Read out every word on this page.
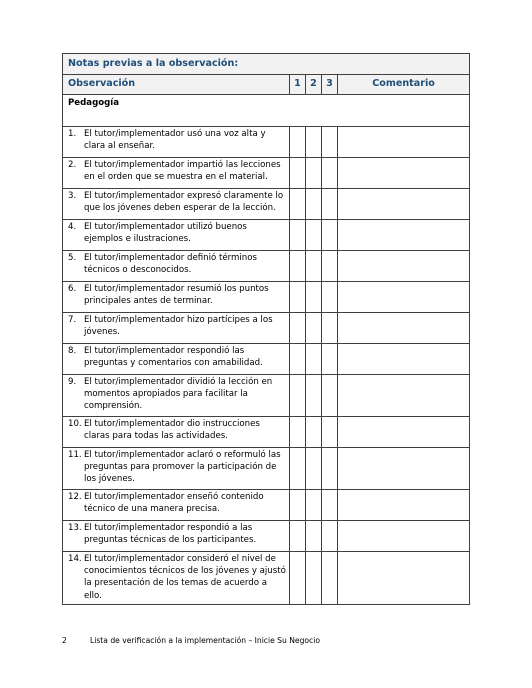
Notas previas a la observación:				
Observación	1	2	3	Comentario
Pedagogía				

1. El tutor/implementador usó una voz alta y clara al enseñar.				

2. El tutor/implementador impartió las lecciones en el orden que se muestra en el material.				

3. El tutor/implementador expresó claramente lo que los jóvenes deben esperar de la lección.				

4. El tutor/implementador utilizó buenos ejemplos e ilustraciones.				

5. El tutor/implementador definió términos técnicos o desconocidos.				

6. El tutor/implementador resumió los puntos principales antes de terminar.				

7. El tutor/implementador hizo partícipes a los jóvenes.				

8. El tutor/implementador respondió las preguntas y comentarios con amabilidad.				

9. El tutor/implementador dividió la lección en momentos apropiados para facilitar la comprensión.				

10. El tutor/implementador dio instrucciones claras para todas las actividades.				

11. El tutor/implementador aclaró o reformuló las preguntas para promover la participación de los jóvenes.				

12. El tutor/implementador enseñó contenido técnico de una manera precisa.				

13. El tutor/implementador respondió a las preguntas técnicas de los participantes.				

14. El tutor/implementador consideró el nivel de conocimientos técnicos de los jóvenes y ajustó la presentación de los temas de acuerdo a ello.				

2	Lista de verificación a la implementación – Inicie Su Negocio
